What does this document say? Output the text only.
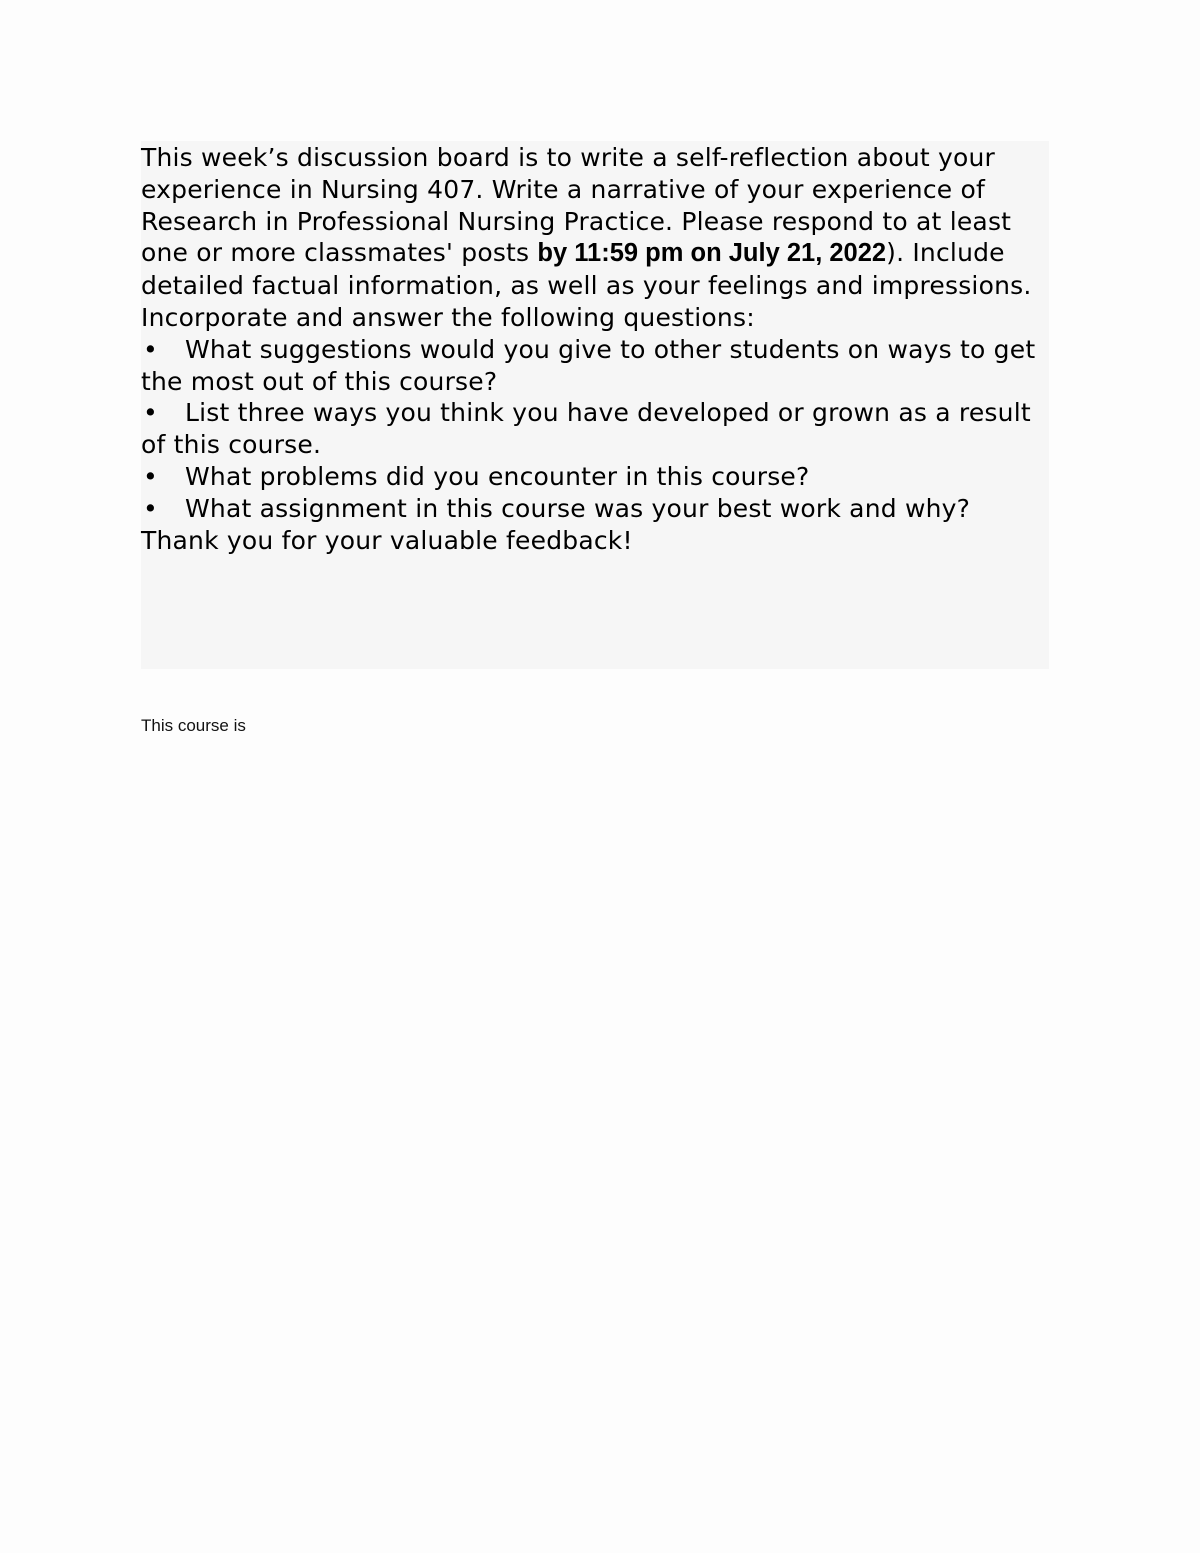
This week’s discussion board is to write a self-reflection about your experience in Nursing 407. Write a narrative of your experience of Research in Professional Nursing Practice. Please respond to at least one or more classmates' posts by 11:59 pm on July 21, 2022). Include detailed factual information, as well as your feelings and impressions. Incorporate and answer the following questions:

• What suggestions would you give to other students on ways to get the most out of this course?
• List three ways you think you have developed or grown as a result of this course.
• What problems did you encounter in this course?
• What assignment in this course was your best work and why?

Thank you for your valuable feedback!

This course is
